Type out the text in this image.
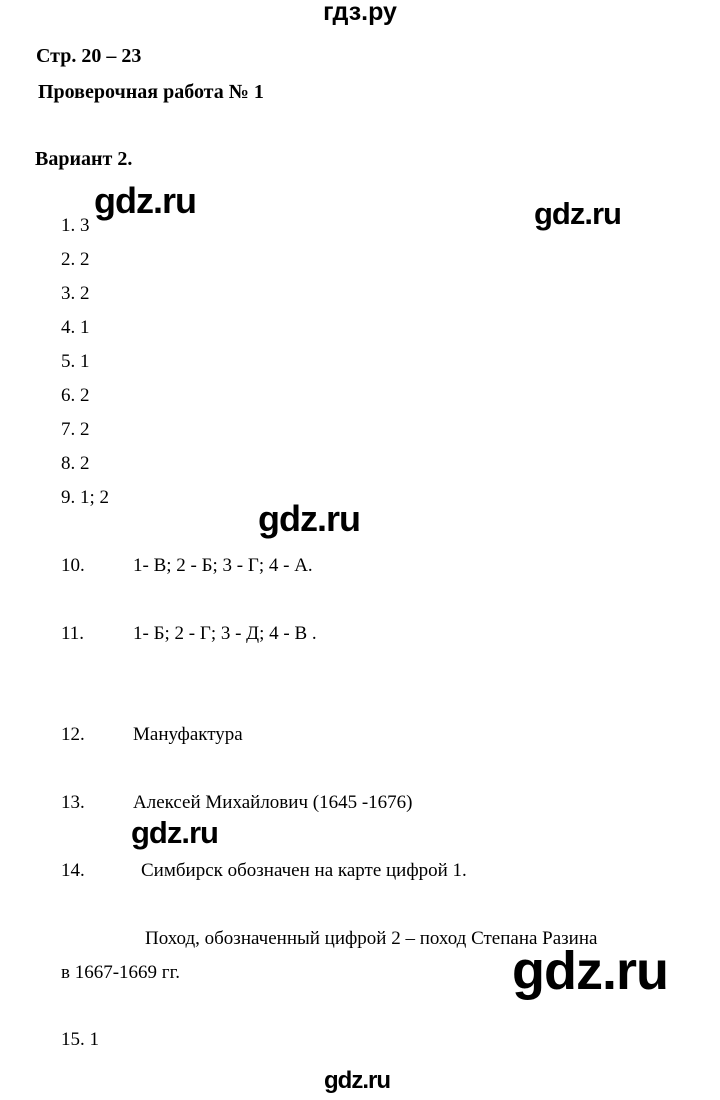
гдз.ру
Стр. 20 – 23
Проверочная работа № 1
Вариант 2.
1. 3
2. 2
3. 2
4. 1
5. 1
6. 2
7. 2
8. 2
9. 1; 2
10.	1- В; 2 - Б; 3 - Г; 4 - А.
11.	1- Б; 2 - Г; 3 - Д; 4 - В .
12.	Мануфактура
13.	Алексей Михайлович (1645 -1676)
14.	Симбирск обозначен на карте цифрой 1.
Поход, обозначенный цифрой 2 – поход Степана Разина
в 1667-1669 гг.
15. 1
gdz.ru	gdz.ru
gdz.ru
gdz.ru
gdz.ru
gdz.ru
